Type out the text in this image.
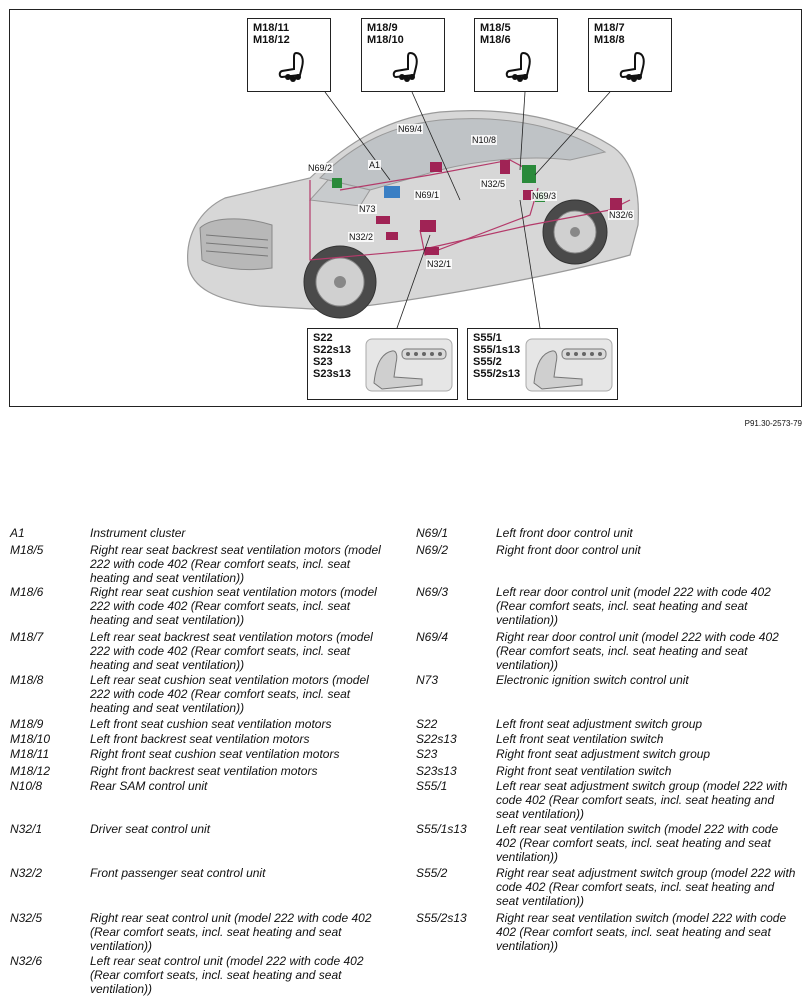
M18/11
M18/12
M18/9
M18/10
M18/5
M18/6
M18/7
M18/8
S22
S22s13
S23
S23s13
S55/1
S55/1s13
S55/2
S55/2s13
N69/4
N10/8
N69/2	A1
N32/5
N69/3
N69/1
N73
N32/6
N32/2
N32/1
P91.30-2573-79
A1	Instrument cluster
M18/5	Right rear seat backrest seat ventilation motors (model 222 with code 402 (Rear comfort seats, incl. seat heating and seat ventilation))
M18/6	Right rear seat cushion seat ventilation motors (model 222 with code 402 (Rear comfort seats, incl. seat heating and seat ventilation))
M18/7	Left rear seat backrest seat ventilation motors (model 222 with code 402 (Rear comfort seats, incl. seat heating and seat ventilation))
M18/8	Left rear seat cushion seat ventilation motors (model 222 with code 402 (Rear comfort seats, incl. seat heating and seat ventilation))
M18/9	Left front seat cushion seat ventilation motors
M18/10	Left front backrest seat ventilation motors
M18/11	Right front seat cushion seat ventilation motors
M18/12	Right front backrest seat ventilation motors
N10/8	Rear SAM control unit
N32/1	Driver seat control unit
N32/2	Front passenger seat control unit
N32/5	Right rear seat control unit (model 222 with code 402 (Rear comfort seats, incl. seat heating and seat ventilation))
N32/6	Left rear seat control unit (model 222 with code 402 (Rear comfort seats, incl. seat heating and seat ventilation))
N69/1	Left front door control unit
N69/2	Right front door control unit
N69/3	Left rear door control unit (model 222 with code 402 (Rear comfort seats, incl. seat heating and seat ventilation))
N69/4	Right rear door control unit (model 222 with code 402 (Rear comfort seats, incl. seat heating and seat ventilation))
N73	Electronic ignition switch control unit
S22	Left front seat adjustment switch group
S22s13	Left front seat ventilation switch
S23	Right front seat adjustment switch group
S23s13	Right front seat ventilation switch
S55/1	Left rear seat adjustment switch group (model 222 with code 402 (Rear comfort seats, incl. seat heating and seat ventilation))
S55/1s13	Left rear seat ventilation switch (model 222 with code 402 (Rear comfort seats, incl. seat heating and seat ventilation))
S55/2	Right rear seat adjustment switch group (model 222 with code 402 (Rear comfort seats, incl. seat heating and seat ventilation))
S55/2s13	Right rear seat ventilation switch (model 222 with code 402 (Rear comfort seats, incl. seat heating and seat ventilation))
